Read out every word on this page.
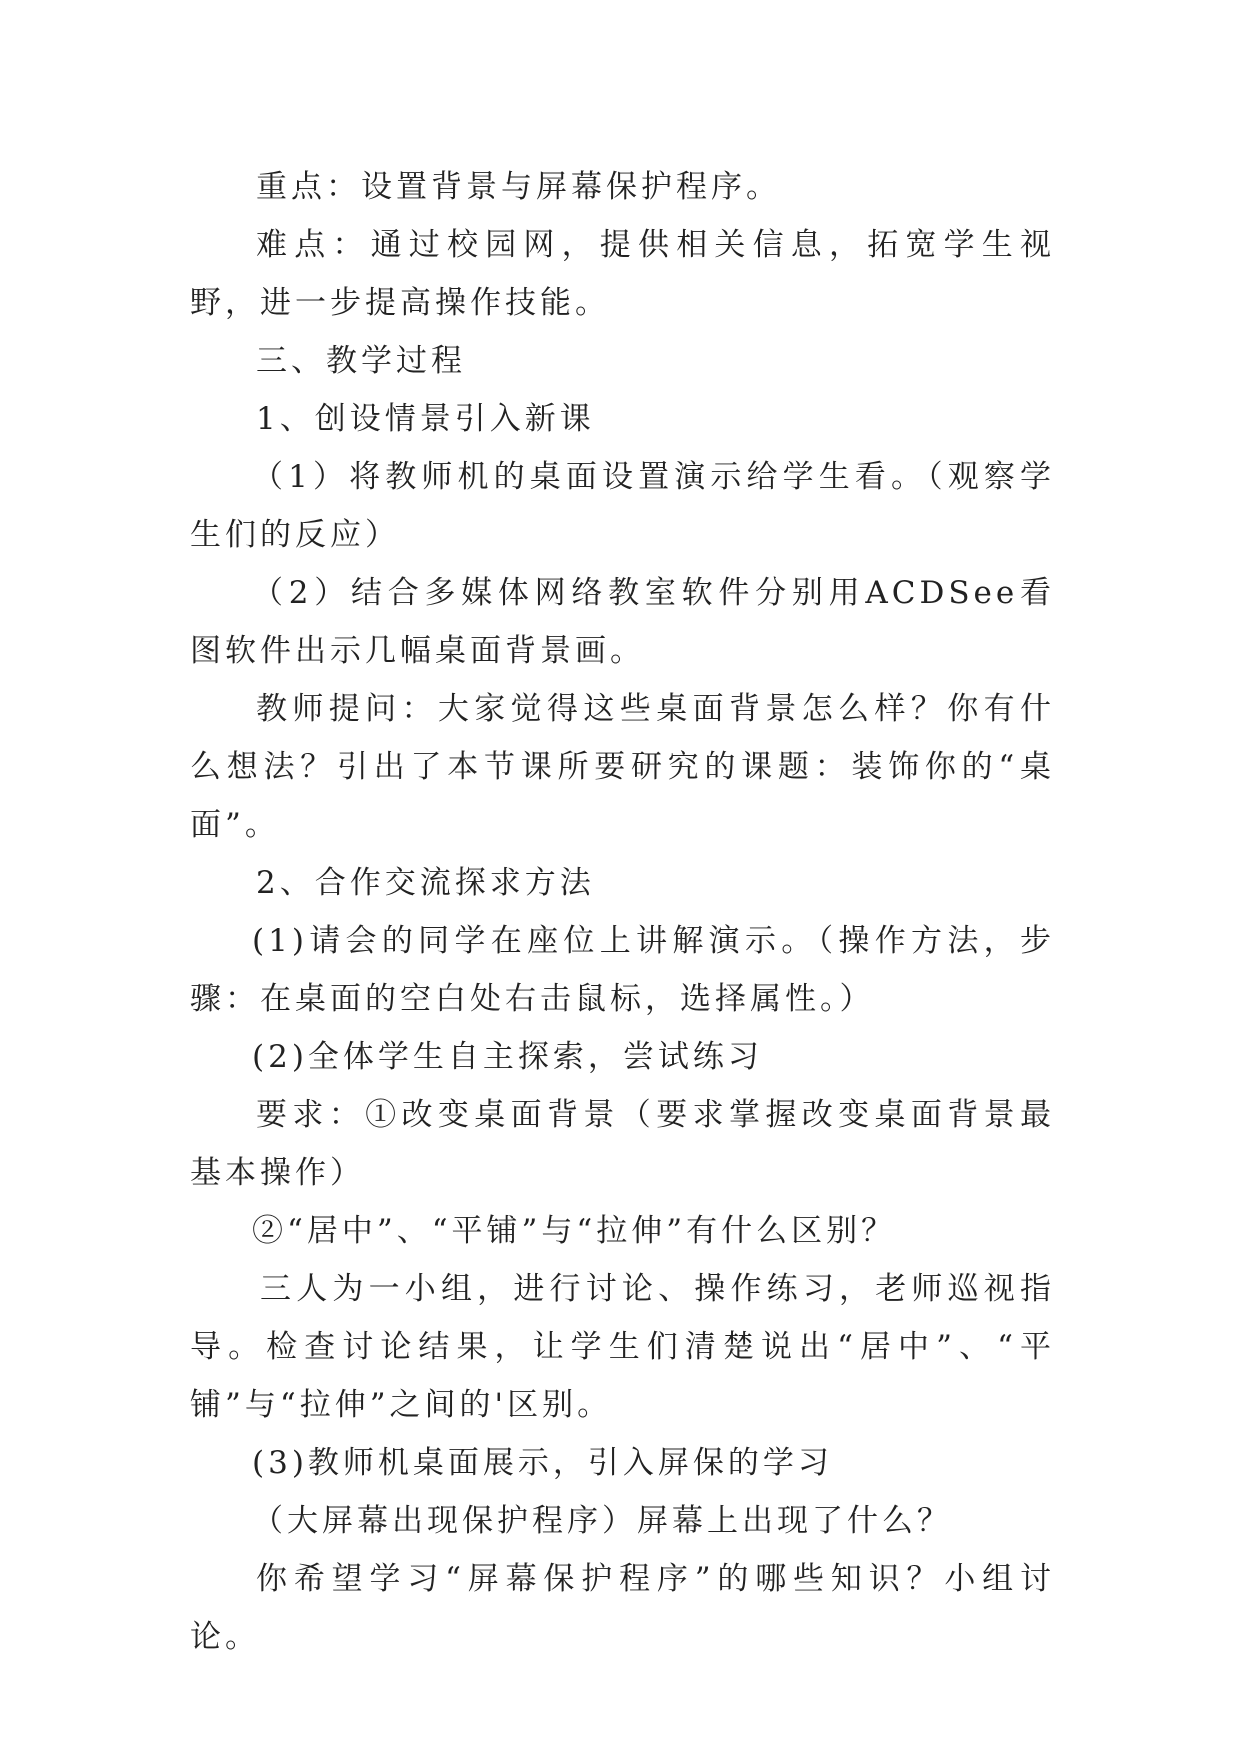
重点：设置背景与屏幕保护程序。

难点：通过校园网，提供相关信息，拓宽学生视野，进一步提高操作技能。

三、教学过程

1、创设情景引入新课

（1）将教师机的桌面设置演示给学生看。（观察学生们的反应）

（2）结合多媒体网络教室软件分别用ACDSee看图软件出示几幅桌面背景画。

教师提问：大家觉得这些桌面背景怎么样？你有什么想法？引出了本节课所要研究的课题：装饰你的“桌面”。

2、合作交流探求方法

(1)请会的同学在座位上讲解演示。（操作方法，步骤：在桌面的空白处右击鼠标，选择属性。）

(2)全体学生自主探索，尝试练习

要求：①改变桌面背景（要求掌握改变桌面背景最基本操作）

②“居中”、“平铺”与“拉伸”有什么区别？

三人为一小组，进行讨论、操作练习，老师巡视指导。检查讨论结果，让学生们清楚说出“居中”、“平铺”与“拉伸”之间的'区别。

(3)教师机桌面展示，引入屏保的学习

（大屏幕出现保护程序）屏幕上出现了什么？

你希望学习“屏幕保护程序”的哪些知识？小组讨论。
